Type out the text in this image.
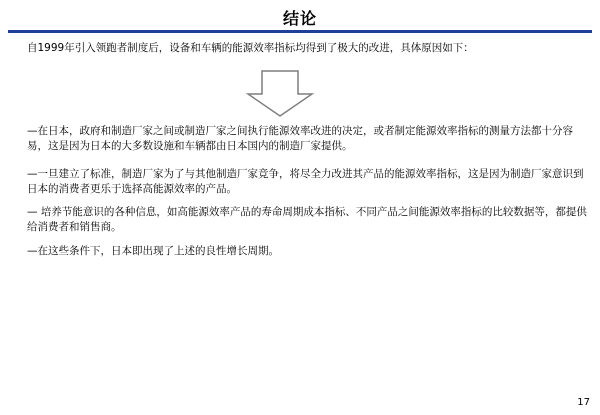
结论
自1999年引入领跑者制度后，设备和车辆的能源效率指标均得到了极大的改进，具体原因如下：
—在日本，政府和制造厂家之间或制造厂家之间执行能源效率改进的决定，或者制定能源效率指标的测量方法都十分容易，这是因为日本的大多数设施和车辆都由日本国内的制造厂家提供。
—一旦建立了标准，制造厂家为了与其他制造厂家竞争，将尽全力改进其产品的能源效率指标，这是因为制造厂家意识到日本的消费者更乐于选择高能源效率的产品。
— 培养节能意识的各种信息，如高能源效率产品的寿命周期成本指标、不同产品之间能源效率指标的比较数据等，都提供给消费者和销售商。
—在这些条件下，日本即出现了上述的良性增长周期。
17
